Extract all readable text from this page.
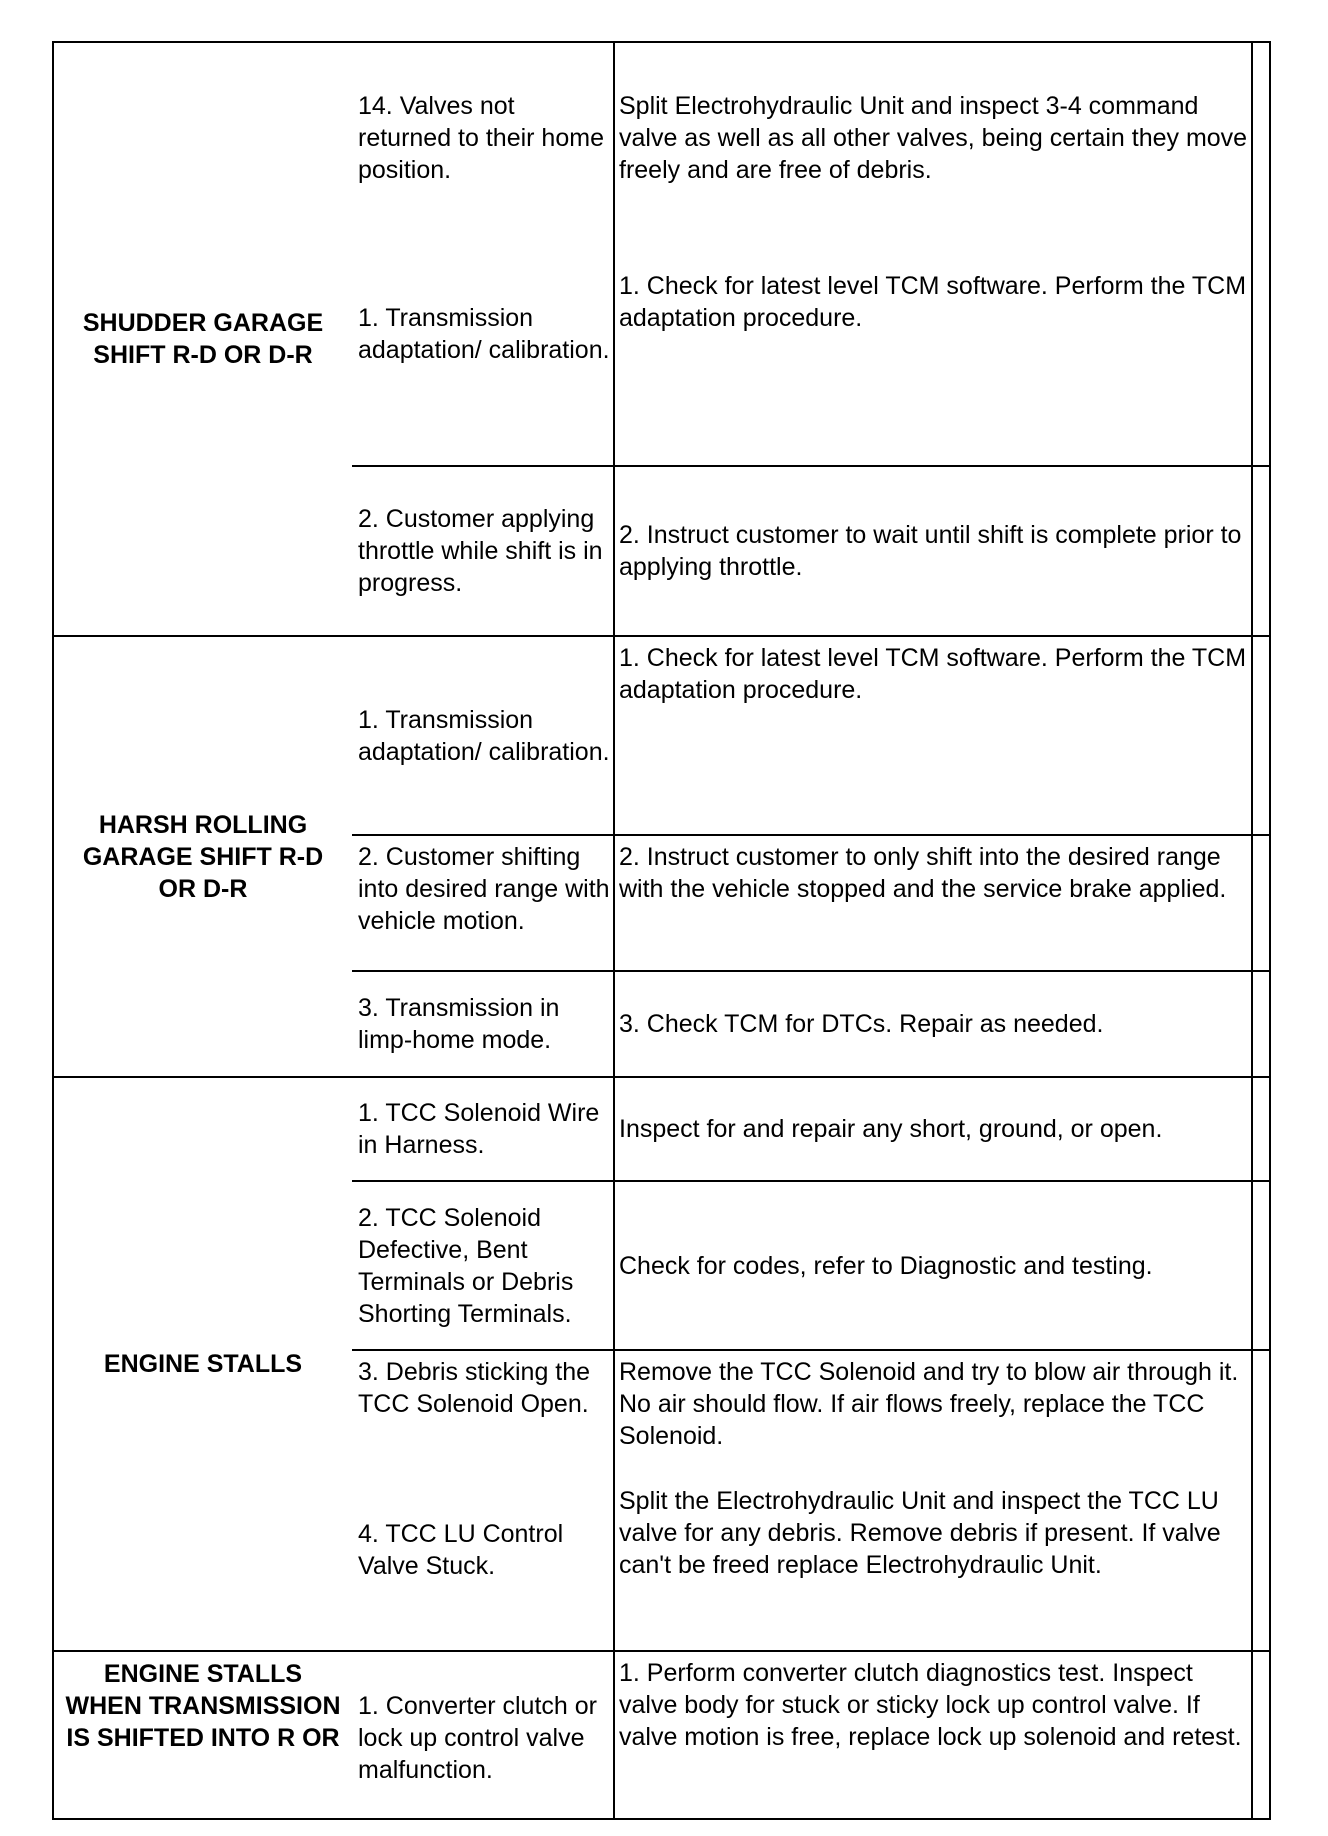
SHUDDER GARAGE SHIFT R-D OR D-R
14. Valves not returned to their home position.
Split Electrohydraulic Unit and inspect 3-4 command valve as well as all other valves, being certain they move freely and are free of debris.
1. Transmission adaptation/ calibration.
1. Check for latest level TCM software. Perform the TCM adaptation procedure.
2. Customer applying throttle while shift is in progress.
2. Instruct customer to wait until shift is complete prior to applying throttle.
HARSH ROLLING GARAGE SHIFT R-D OR D-R
1. Transmission adaptation/ calibration.
1. Check for latest level TCM software. Perform the TCM adaptation procedure.
2. Customer shifting into desired range with vehicle motion.
2. Instruct customer to only shift into the desired range with the vehicle stopped and the service brake applied.
3. Transmission in limp-home mode.
3. Check TCM for DTCs. Repair as needed.
ENGINE STALLS
1. TCC Solenoid Wire in Harness.
Inspect for and repair any short, ground, or open.
2. TCC Solenoid Defective, Bent Terminals or Debris Shorting Terminals.
Check for codes, refer to Diagnostic and testing.
3. Debris sticking the TCC Solenoid Open.
Remove the TCC Solenoid and try to blow air through it. No air should flow. If air flows freely, replace the TCC Solenoid.
4. TCC LU Control Valve Stuck.
Split the Electrohydraulic Unit and inspect the TCC LU valve for any debris. Remove debris if present. If valve can't be freed replace Electrohydraulic Unit.
ENGINE STALLS WHEN TRANSMISSION IS SHIFTED INTO R OR
1. Converter clutch or lock up control valve malfunction.
1. Perform converter clutch diagnostics test. Inspect valve body for stuck or sticky lock up control valve. If valve motion is free, replace lock up solenoid and retest.
